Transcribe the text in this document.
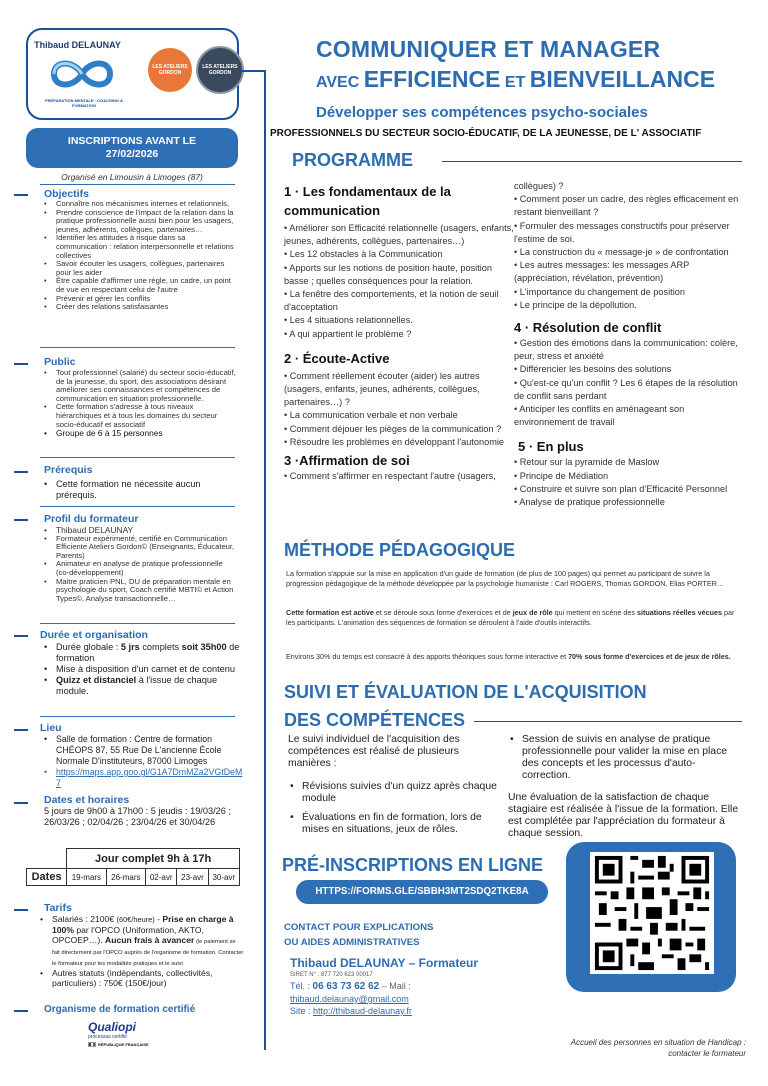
Thibaud DELAUNAY
PRÉPARATION MENTALE · COACHING & FORMATION
LES ATELIERS GORDON
LES ATELIERS GORDON
COMMUNIQUER ET MANAGER
AVEC EFFICIENCE ET BIENVEILLANCE
Développer ses compétences psycho-sociales
PROFESSIONNELS DU SECTEUR SOCIO-ÉDUCATIF, DE LA JEUNESSE, DE L' ASSOCIATIF
INSCRIPTIONS AVANT LE
27/02/2026
Organisé en Limousin à Limoges (87)
Objectifs
• Connaître nos mécanismes internes et relationnels,
• Prendre conscience de l'impact de la relation dans la pratique professionnelle aussi bien pour les usagers, jeunes, adhérents, collègues, partenaires…
• Identifier les attitudes à risque dans sa communication : relation interpersonnelle et relations collectives
• Savoir écouter les usagers, collègues, partenaires pour les aider
• Être capable d'affirmer une règle, un cadre, un point de vue en respectant celui de l'autre
• Prévenir et gérer les conflits
• Créer des relations satisfaisantes
Public
• Tout professionnel (salarié) du secteur socio-éducatif, de la jeunesse, du sport, des associations désirant améliorer ses connaissances et compétences de communication en situation professionnelle.
• Cette formation s'adresse à tous niveaux hiérarchiques et à tous les domaines du secteur socio-éducatif et associatif
• Groupe de 6 à 15 personnes
Prérequis
• Cette formation ne nécessite aucun prérequis.
Profil du formateur
• Thibaud DELAUNAY
• Formateur expérimenté, certifié en Communication Efficiente Ateliers Gordon© (Enseignants, Éducateur, Parents)
• Animateur en analyse de pratique professionnelle (co-développement)
• Maitre praticien PNL, DU de préparation mentale en psychologie du sport, Coach certifié MBTI© et Action Types©, Analyse transactionnelle…
Durée et organisation
• Durée globale : 5 jrs complets soit 35h00 de formation
• Mise à disposition d'un carnet et de contenu
• Quizz et distanciel à l'issue de chaque module.
Lieu
• Salle de formation : Centre de formation CHÉOPS 87, 55 Rue De L'ancienne École Normale D'instituteurs, 87000 Limoges
• https://maps.app.goo.gl/G1A7DmMZa2VGtDeM7
Dates et horaires
5 jours de 9h00 à 17h00 : 5 jeudis : 19/03/26 ; 26/03/26 ; 02/04/26 ; 23/04/26 et 30/04/26
	Jour complet 9h à 17h				
Dates	19-mars	26-mars	02-avr	23-avr	30-avr
Tarifs
• Salariés : 2100€ (60€/heure) - Prise en charge à 100% par l'OPCO (Uniformation, AKTO, OPCOEP…). Aucun frais à avancer (le paiement se fait directement par l'OPCO auprès de l'organisme de formation. Contacter le formateur pour les modalités pratiques et le suivi
• Autres statuts (indépendants, collectivités, particuliers) : 750€ (150€/jour)
Organisme de formation certifié
Qualiopi
processus certifié
RÉPUBLIQUE FRANÇAISE
PROGRAMME
1 · Les fondamentaux de la
communication
• Améliorer son Efficacité relationnelle (usagers, enfants, jeunes, adhérents, collègues, partenaires…)
• Les 12 obstacles à la Communication
• Apports sur les notions de position haute, position basse ; quelles conséquences pour la relation.
• La fenêtre des comportements, et la notion de seuil d'acceptation
• Les 4 situations relationnelles.
• A qui appartient le problème ?
2 · Écoute-Active
• Comment réellement écouter (aider) les autres (usagers, enfants, jeunes, adhérents, collègues, partenaires…) ?
• La communication verbale et non verbale
• Comment déjouer les pièges de la communication ?
• Résoudre les problèmes en développant l'autonomie
3 ·Affirmation de soi
• Comment s'affirmer en respectant l'autre (usagers,
collègues) ?
• Comment poser un cadre, des règles efficacement en restant bienveillant ?
• Formuler des messages constructifs pour préserver l'estime de soi.
• La construction du « message-je » de confrontation
• Les autres messages: les messages ARP (appréciation, révélation, prévention)
• L'importance du changement de position
• Le principe de la dépollution.
4 · Résolution de conflit
• Gestion des émotions dans la communication: colère, peur, stress et anxiété
• Différencier les besoins des solutions
• Qu'est-ce qu'un conflit ? Les 6 étapes de la résolution de conflit sans perdant
• Anticiper les conflits en aménageant son environnement de travail
5 · En plus
• Retour sur la pyramide de Maslow
• Principe de Médiation
• Construire et suivre son plan d'Efficacité Personnel
• Analyse de pratique professionnelle
MÉTHODE PÉDAGOGIQUE
La formation s'appuie sur la mise en application d'un guide de formation (de plus de 100 pages) qui permet au participant de suivre la progression pédagogique de la méthode développée par la psychologie humaniste : Carl ROGERS, Thomas GORDON, Elias PORTER…
Cette formation est active et se déroule sous forme d'exercices et de jeux de rôle qui mettent en scène des situations réelles vécues par les participants. L'animation des séquences de formation se déroulent à l'aide d'outils interactifs.
Environs 30% du temps est consacré à des apports théoriques sous forme interactive et 70% sous forme d'exercices et de jeux de rôles.
SUIVI ET ÉVALUATION DE L'ACQUISITION
DES COMPÉTENCES
Le suivi individuel de l'acquisition des compétences est réalisé de plusieurs manières :
• Révisions suivies d'un quizz après chaque module
• Évaluations en fin de formation, lors de mises en situations, jeux de rôles.
• Session de suivis en analyse de pratique professionnelle pour valider la mise en place des concepts et les processus d'auto-correction.
Une évaluation de la satisfaction de chaque stagiaire est réalisée à l'issue de la formation. Elle est complétée par l'appréciation du formateur à chaque session.
PRÉ-INSCRIPTIONS EN LIGNE
HTTPS://FORMS.GLE/SBBH3MT2SDQ2TKE8A
CONTACT POUR EXPLICATIONS
OU AIDES ADMINISTRATIVES
Thibaud DELAUNAY – Formateur
SIRET N° : 877 720 623 00017
Tél. : 06 63 73 62 62 – Mail :
thibaud.delaunay@gmail.com
Site : http://thibaud-delaunay.fr
Accueil des personnes en situation de Handicap : contacter le formateur
